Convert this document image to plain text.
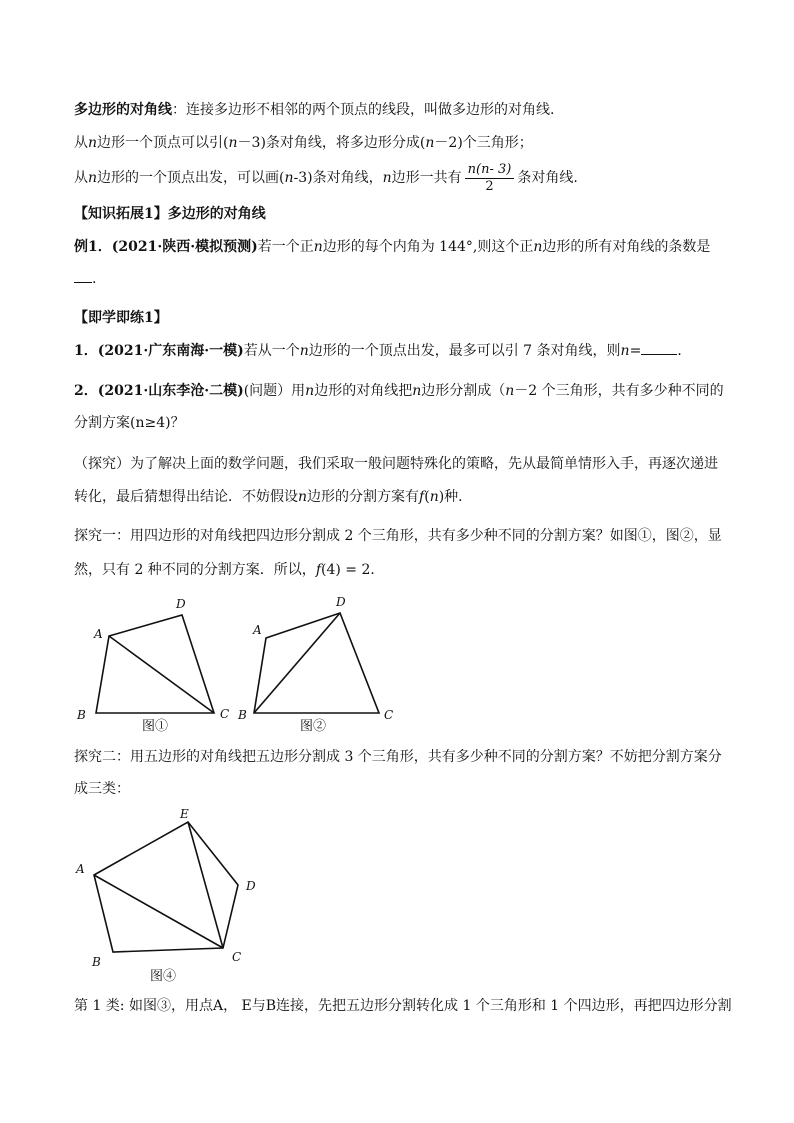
多边形的对角线：连接多边形不相邻的两个顶点的线段，叫做多边形的对角线.
从n边形一个顶点可以引(n－3)条对角线，将多边形分成(n－2)个三角形；
从n边形的一个顶点出发，可以画(n-3)条对角线，n边形一共有 $\frac{n(n- 3)}{2}$ 条对角线.
【知识拓展1】多边形的对角线
例1．(2021·陕西·模拟预测)若一个正n边形的每个内角为 144°,则这个正n边形的所有对角线的条数是
.
【即学即练1】
1．(2021·广东南海·一模)若从一个n边形的一个顶点出发，最多可以引 7 条对角线，则n=	．
2．(2021·山东李沧·二模)(问题）用n边形的对角线把n边形分割成（n－2 个三角形，共有多少种不同的
分割方案(n≥4)？
（探究）为了解决上面的数学问题，我们采取一般问题特殊化的策略，先从最简单情形入手，再逐次递进
转化，最后猜想得出结论．不妨假设n边形的分割方案有f(n)种．
探究一：用四边形的对角线把四边形分割成 2 个三角形，共有多少种不同的分割方案？如图①，图②，显
然，只有 2 种不同的分割方案．所以，f(4) = 2．
A
D
B	C
A
D
B	C
图①	图②
探究二：用五边形的对角线把五边形分割成 3 个三角形，共有多少种不同的分割方案？不妨把分割方案分
成三类：
E
A
D
B	C
图④
第 1 类: 如图③，用点A， E与B连接，先把五边形分割转化成 1 个三角形和 1 个四边形，再把四边形分割
